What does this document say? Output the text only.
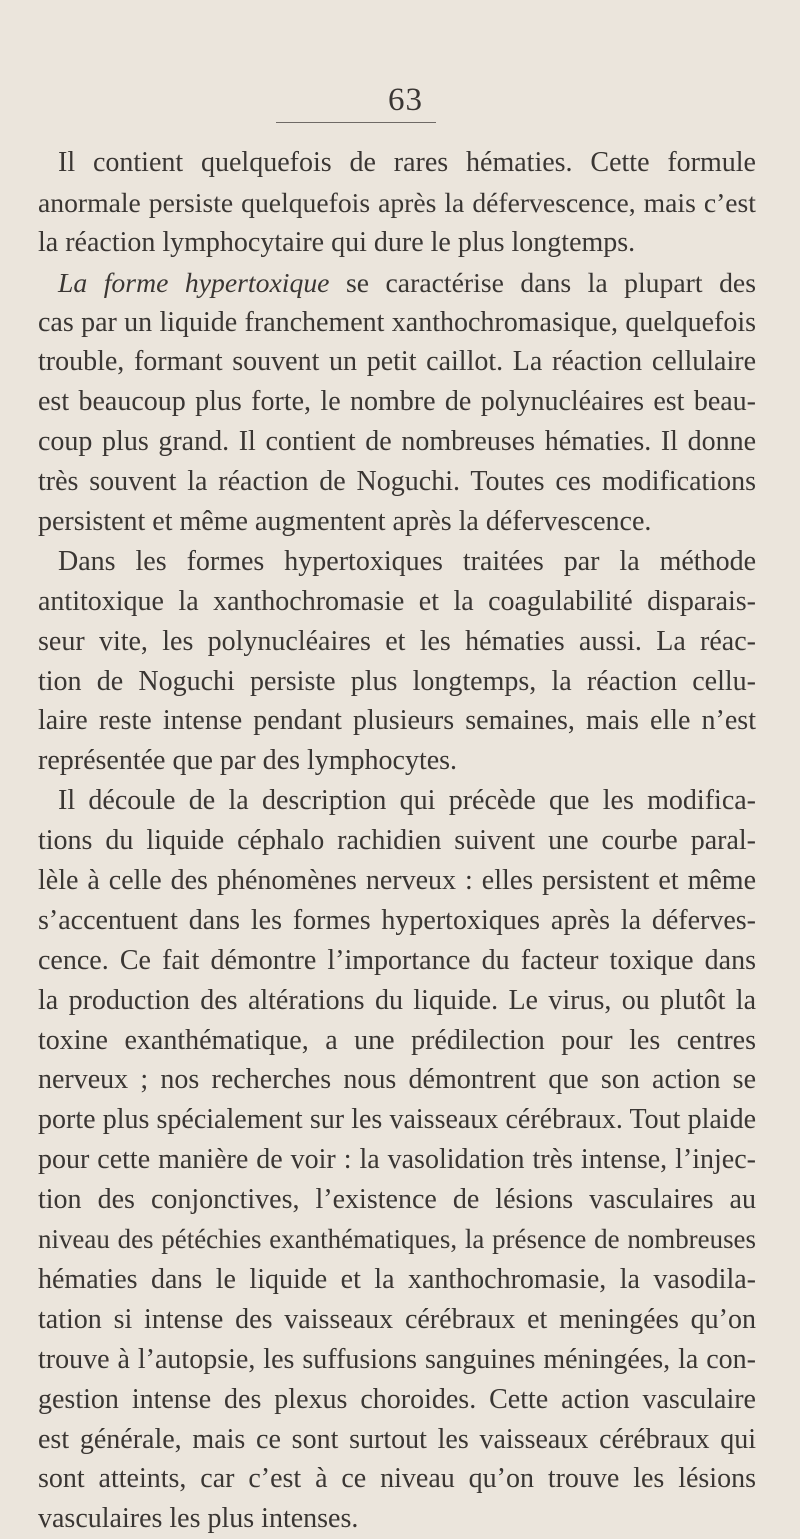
63
Il contient quelquefois de rares hématies. Cette formule
anormale persiste quelquefois après la défervescence, mais c’est
la réaction lymphocytaire qui dure le plus longtemps.
La forme hypertoxique se caractérise dans la plupart des
cas par un liquide franchement xanthochromasique, quelquefois
trouble, formant souvent un petit caillot. La réaction cellulaire
est beaucoup plus forte, le nombre de polynucléaires est beau-
coup plus grand. Il contient de nombreuses hématies. Il donne
très souvent la réaction de Noguchi. Toutes ces modifications
persistent et même augmentent après la défervescence.
Dans les formes hypertoxiques traitées par la méthode
antitoxique la xanthochromasie et la coagulabilité disparais-
seur vite, les polynucléaires et les hématies aussi. La réac-
tion de Noguchi persiste plus longtemps, la réaction cellu-
laire reste intense pendant plusieurs semaines, mais elle n’est
représentée que par des lymphocytes.
Il découle de la description qui précède que les modifica-
tions du liquide céphalo rachidien suivent une courbe paral-
lèle à celle des phénomènes nerveux : elles persistent et même
s’accentuent dans les formes hypertoxiques après la déferves-
cence. Ce fait démontre l’importance du facteur toxique dans
la production des altérations du liquide. Le virus, ou plutôt la
toxine exanthématique, a une prédilection pour les centres
nerveux ; nos recherches nous démontrent que son action se
porte plus spécialement sur les vaisseaux cérébraux. Tout plaide
pour cette manière de voir : la vasolidation très intense, l’injec-
tion des conjonctives, l’existence de lésions vasculaires au
niveau des pétéchies exanthématiques, la présence de nombreuses
hématies dans le liquide et la xanthochromasie, la vasodila-
tation si intense des vaisseaux cérébraux et meningées qu’on
trouve à l’autopsie, les suffusions sanguines méningées, la con-
gestion intense des plexus choroides. Cette action vasculaire
est générale, mais ce sont surtout les vaisseaux cérébraux qui
sont atteints, car c’est à ce niveau qu’on trouve les lésions
vasculaires les plus intenses.
